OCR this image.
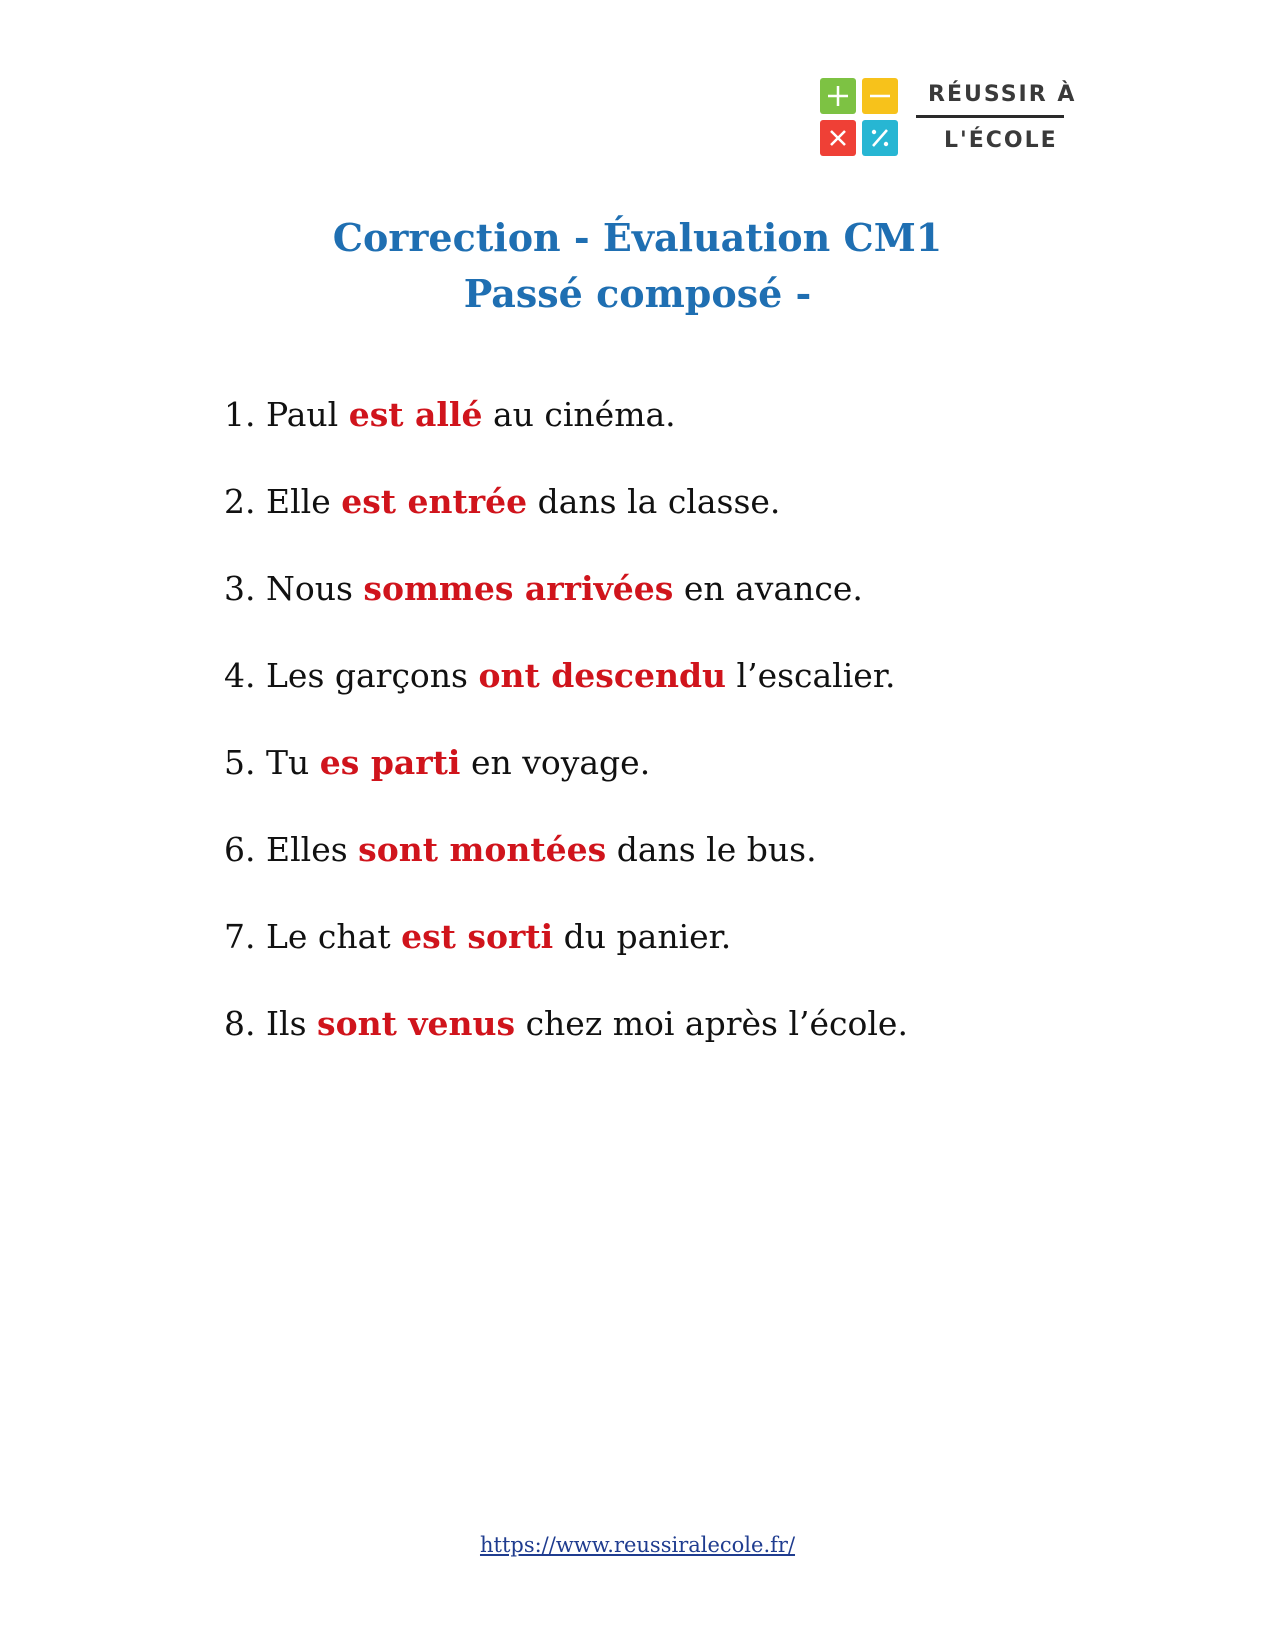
RÉUSSIR À
L'ÉCOLE
Correction - Évaluation CM1
Passé composé -
1. Paul est allé au cinéma.
2. Elle est entrée dans la classe.
3. Nous sommes arrivées en avance.
4. Les garçons ont descendu l’escalier.
5. Tu es parti en voyage.
6. Elles sont montées dans le bus.
7. Le chat est sorti du panier.
8. Ils sont venus chez moi après l’école.
https://www.reussiralecole.fr/
